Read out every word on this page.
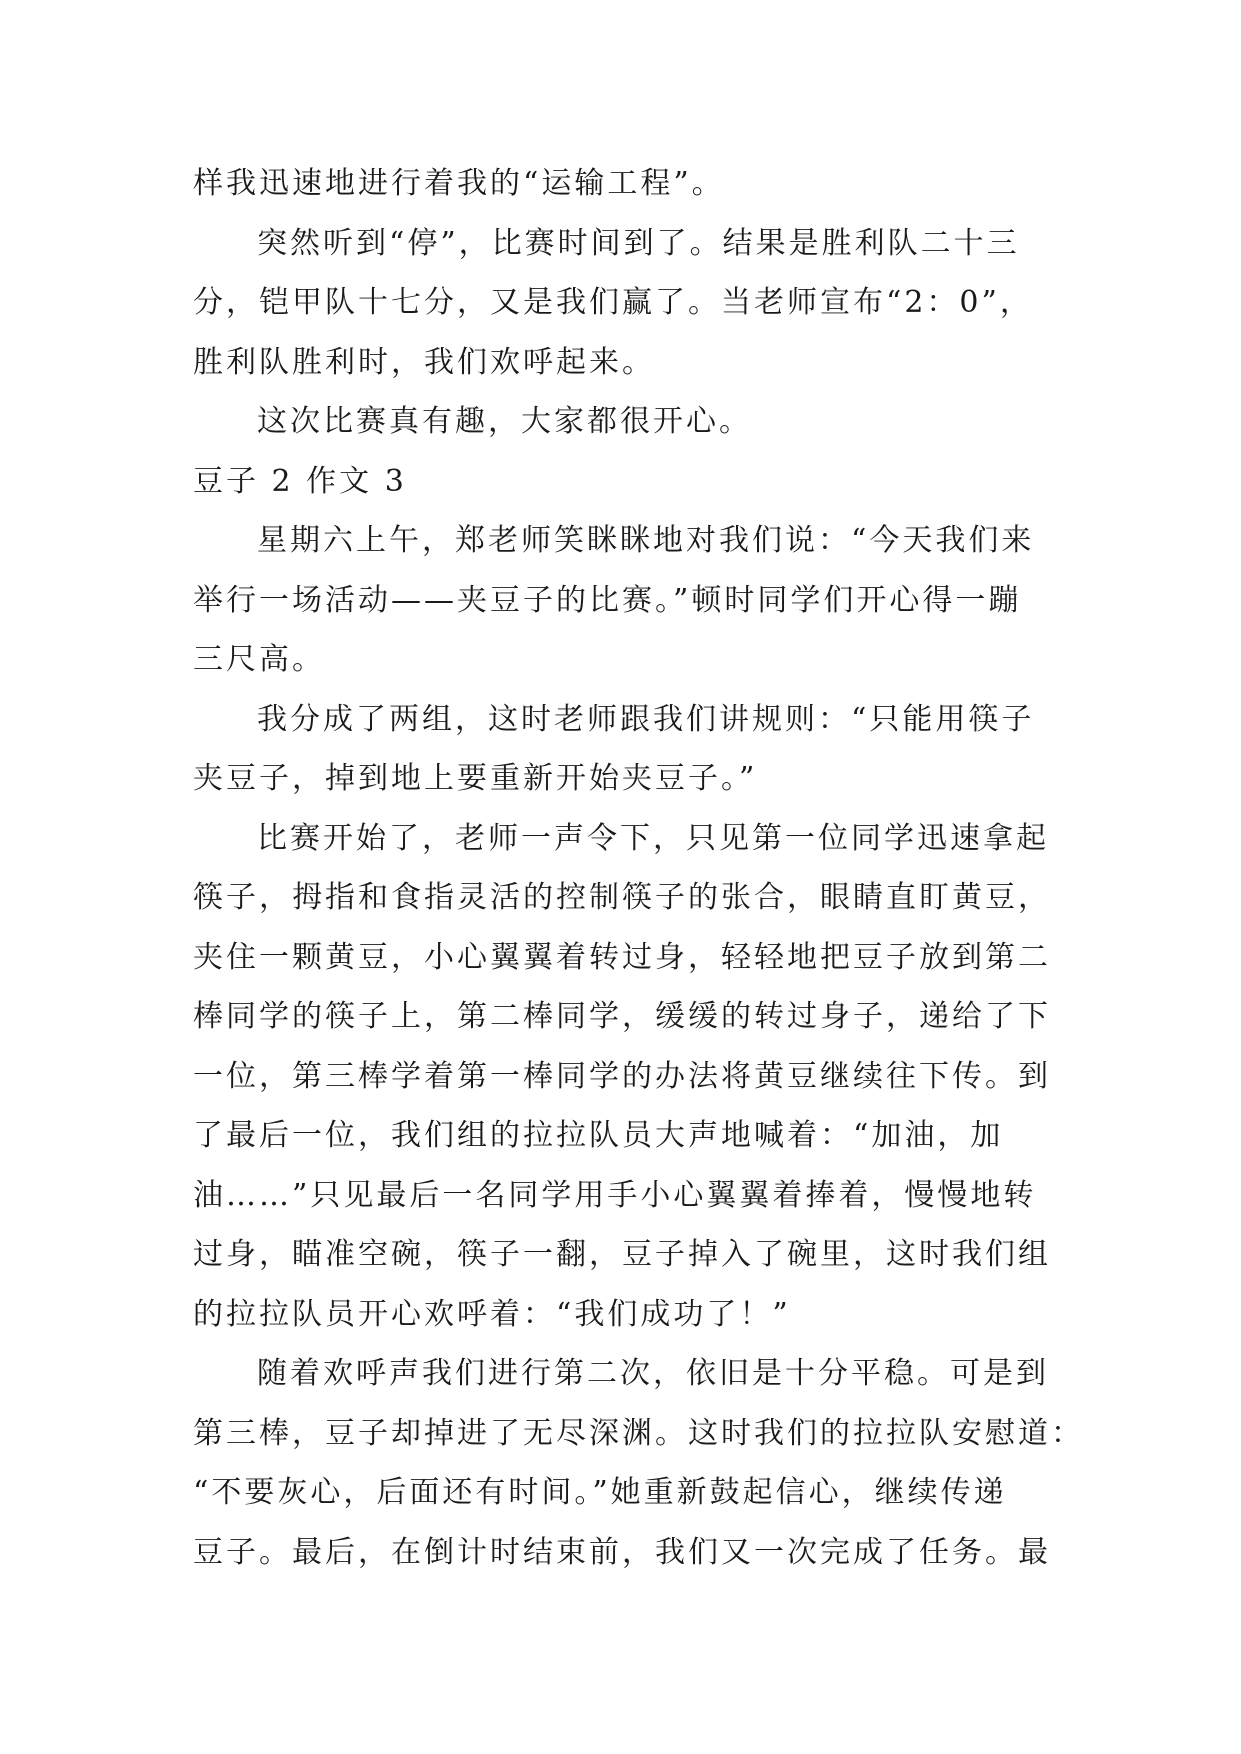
样我迅速地进行着我的“运输工程”。
突然听到“停”，比赛时间到了。结果是胜利队二十三
分，铠甲队十七分，又是我们赢了。当老师宣布“2：0”，
胜利队胜利时，我们欢呼起来。
这次比赛真有趣，大家都很开心。
豆子 2 作文 3
星期六上午，郑老师笑眯眯地对我们说：“今天我们来
举行一场活动——夹豆子的比赛。”顿时同学们开心得一蹦
三尺高。
我分成了两组，这时老师跟我们讲规则：“只能用筷子
夹豆子，掉到地上要重新开始夹豆子。”
比赛开始了，老师一声令下，只见第一位同学迅速拿起
筷子，拇指和食指灵活的控制筷子的张合，眼睛直盯黄豆，
夹住一颗黄豆，小心翼翼着转过身，轻轻地把豆子放到第二
棒同学的筷子上，第二棒同学，缓缓的转过身子，递给了下
一位，第三棒学着第一棒同学的办法将黄豆继续往下传。到
了最后一位，我们组的拉拉队员大声地喊着：“加油，加
油……”只见最后一名同学用手小心翼翼着捧着，慢慢地转
过身，瞄准空碗，筷子一翻，豆子掉入了碗里，这时我们组
的拉拉队员开心欢呼着：“我们成功了！”
随着欢呼声我们进行第二次，依旧是十分平稳。可是到
第三棒，豆子却掉进了无尽深渊。这时我们的拉拉队安慰道：
“不要灰心，后面还有时间。”她重新鼓起信心，继续传递
豆子。最后，在倒计时结束前，我们又一次完成了任务。最
